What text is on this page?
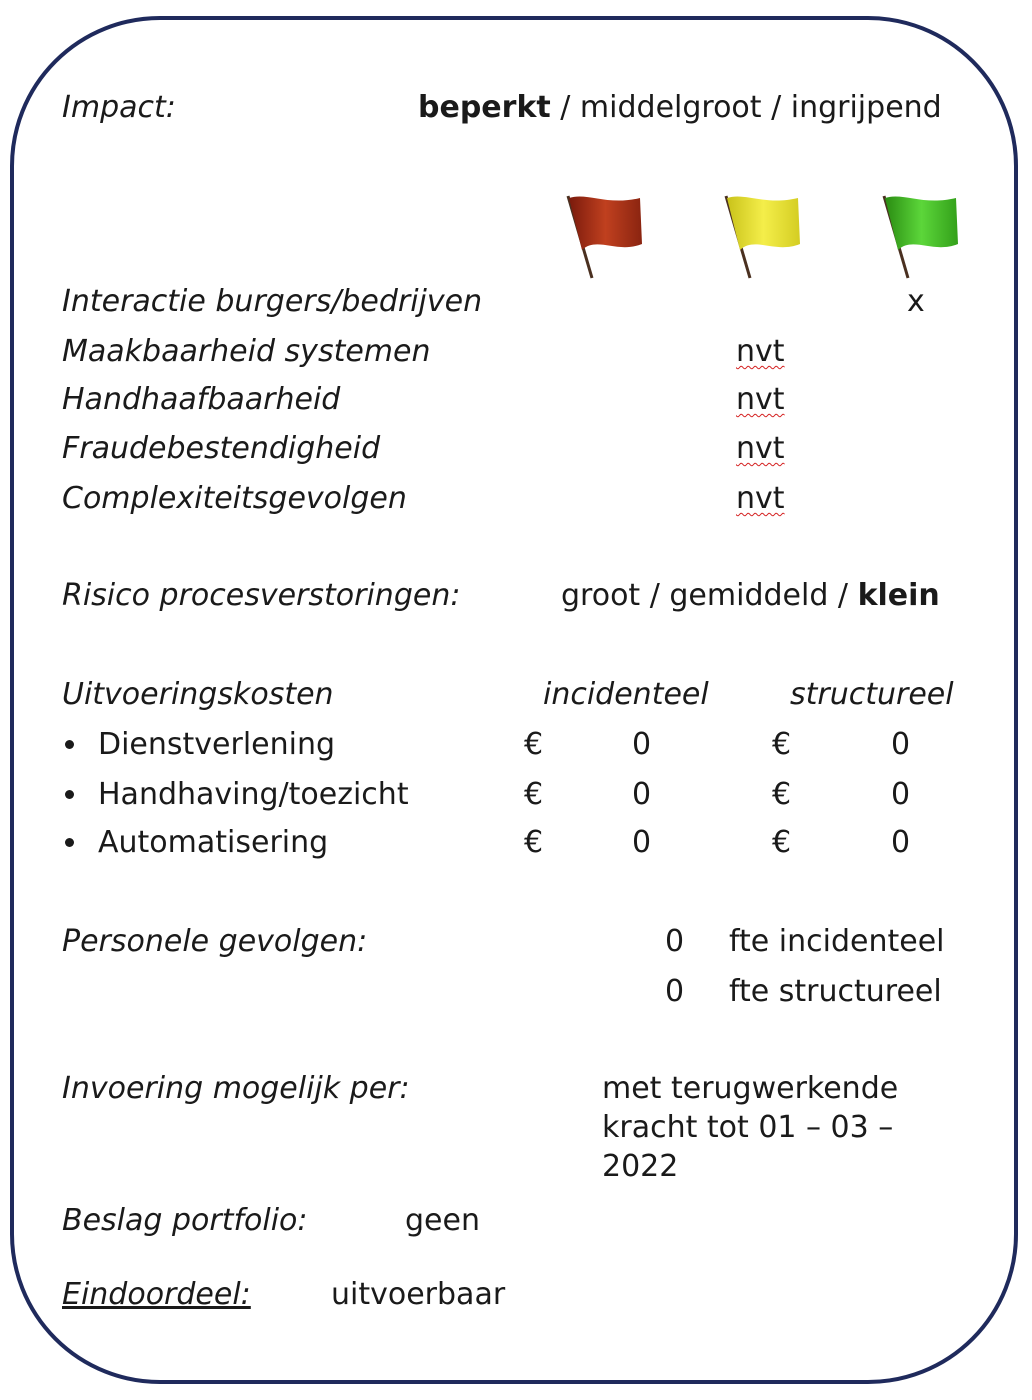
Impact:	beperkt / middelgroot / ingrijpend
Interactie burgers/bedrijven	x
Maakbaarheid systemen	nvt
Handhaafbaarheid	nvt
Fraudebestendigheid	nvt
Complexiteitsgevolgen	nvt
Risico procesverstoringen:	groot / gemiddeld / klein
Uitvoeringskosten	incidenteel	structureel
Dienstverlening	€	0	€	0
Handhaving/toezicht	€	0	€	0
Automatisering	€	0	€	0
Personele gevolgen:	0 fte incidenteel
0 fte structureel
Invoering mogelijk per:	met terugwerkende
kracht tot 01 – 03 –
2022
Beslag portfolio:	geen
Eindoordeel:	uitvoerbaar
